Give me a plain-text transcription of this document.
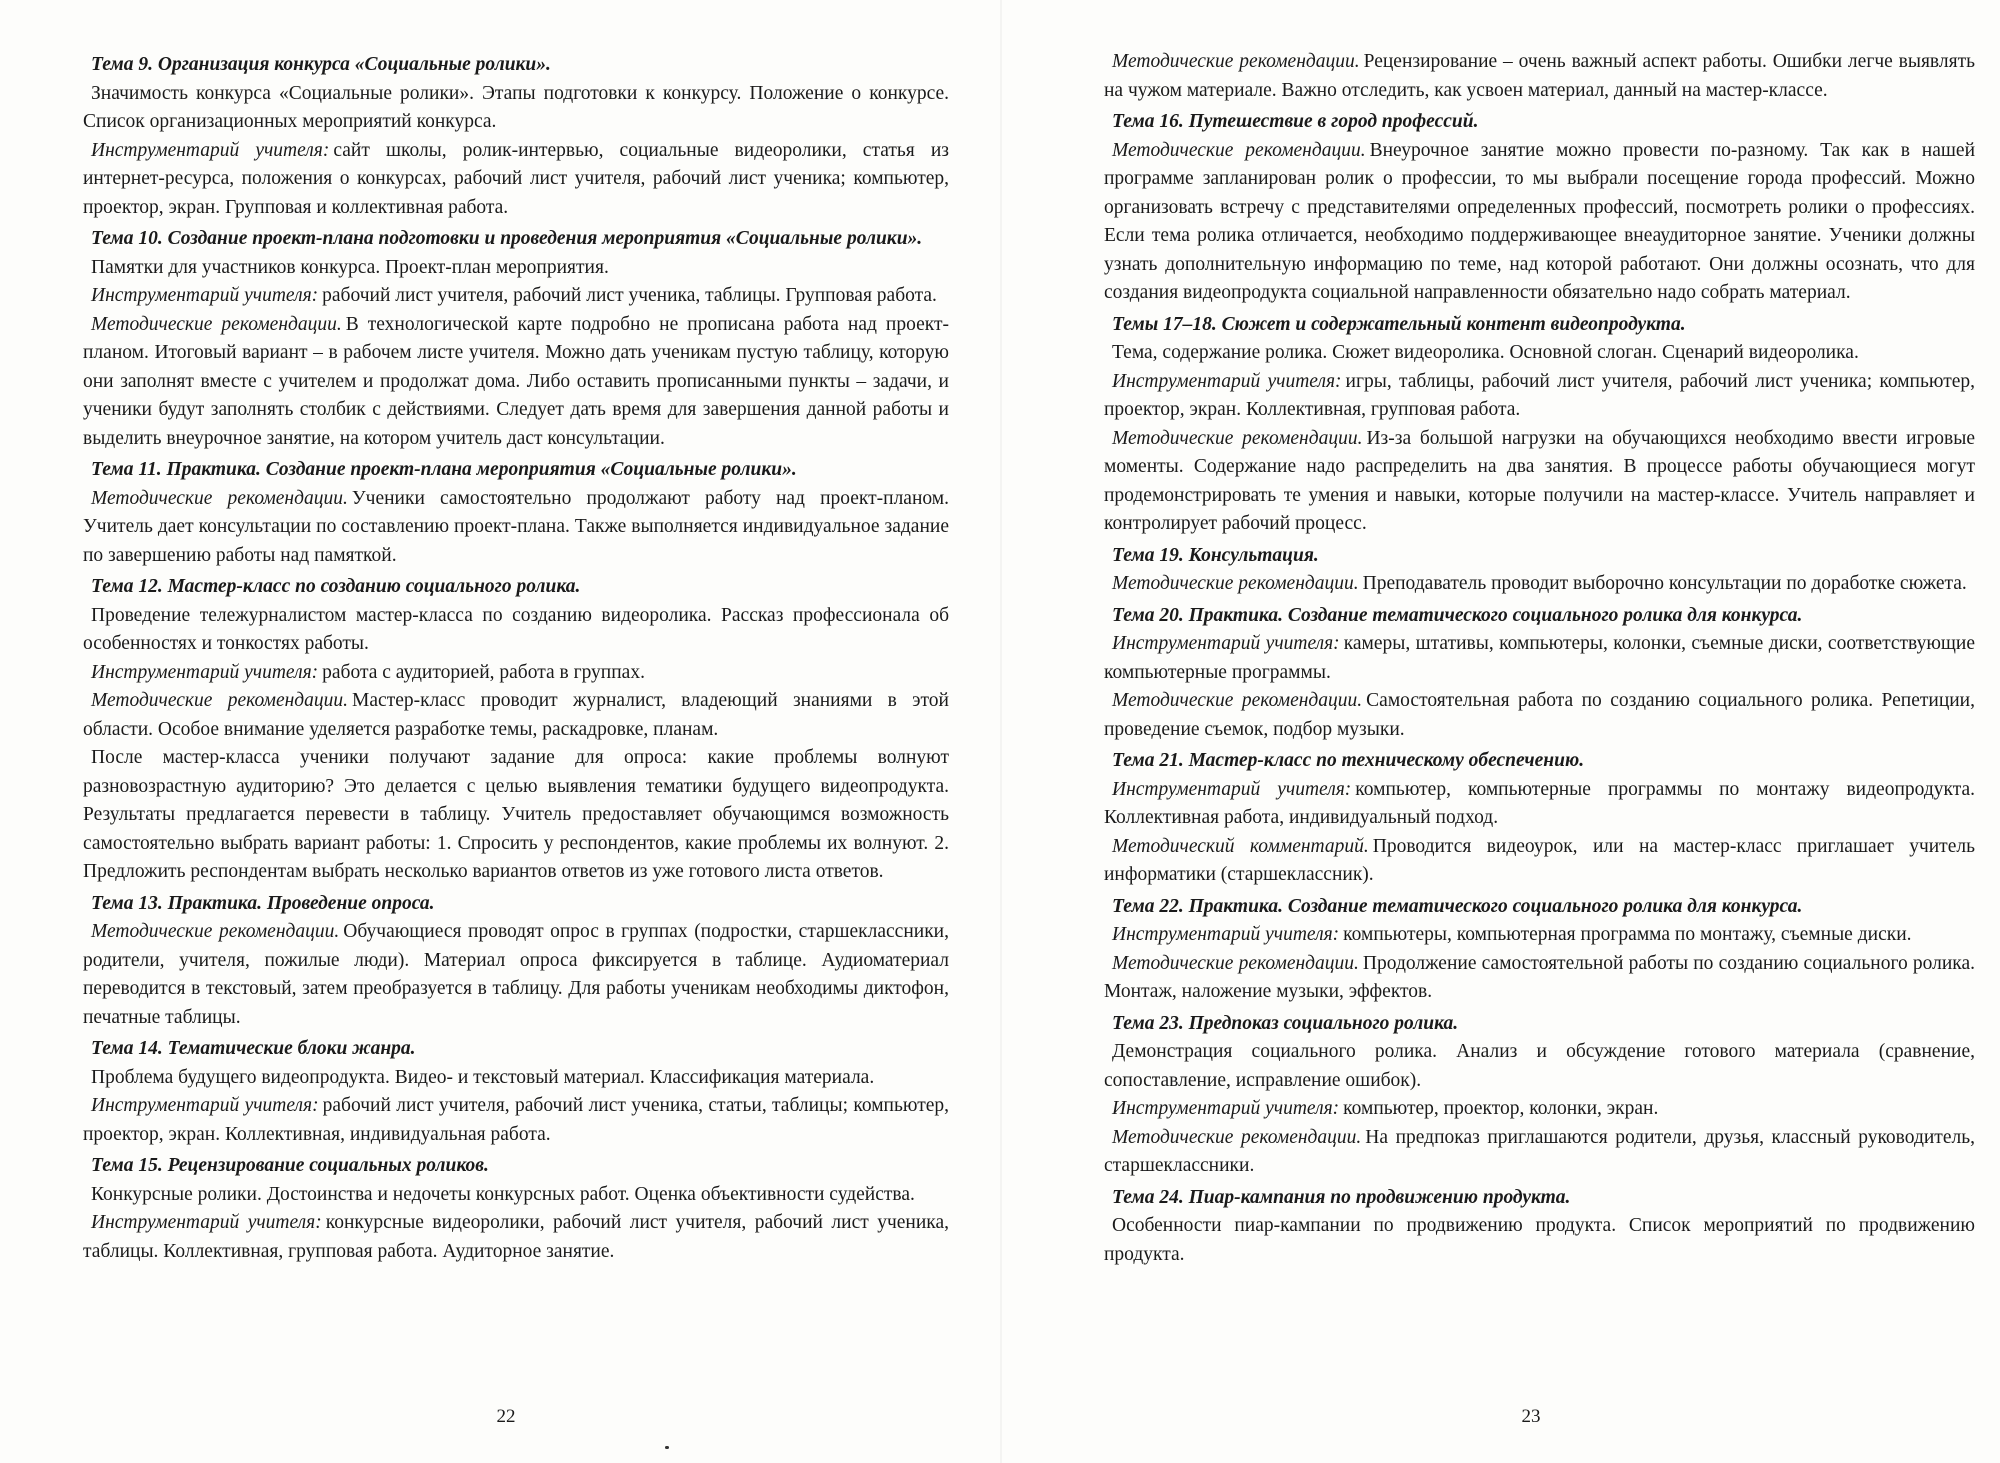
Тема 9. Организация конкурса «Социальные ролики».
Значимость конкурса «Социальные ролики». Этапы подготовки к конкурсу. Положение о конкурсе. Список организационных мероприятий конкурса.
Инструментарий учителя: сайт школы, ролик-интервью, социальные видеоролики, статья из интернет-ресурса, положения о конкурсах, рабочий лист учителя, рабочий лист ученика; компьютер, проектор, экран. Групповая и коллективная работа.
Тема 10. Создание проект-плана подготовки и проведения мероприятия «Социальные ролики».
Памятки для участников конкурса. Проект-план мероприятия.
Инструментарий учителя: рабочий лист учителя, рабочий лист ученика, таблицы. Групповая работа.
Методические рекомендации. В технологической карте подробно не прописана работа над проект-планом. Итоговый вариант – в рабочем листе учителя. Можно дать ученикам пустую таблицу, которую они заполнят вместе с учителем и продолжат дома. Либо оставить прописанными пункты – задачи, и ученики будут заполнять столбик с действиями. Следует дать время для завершения данной работы и выделить внеурочное занятие, на котором учитель даст консультации.
Тема 11. Практика. Создание проект-плана мероприятия «Социальные ролики».
Методические рекомендации. Ученики самостоятельно продолжают работу над проект-планом. Учитель дает консультации по составлению проект-плана. Также выполняется индивидуальное задание по завершению работы над памяткой.
Тема 12. Мастер-класс по созданию социального ролика.
Проведение тележурналистом мастер-класса по созданию видеоролика. Рассказ профессионала об особенностях и тонкостях работы.
Инструментарий учителя: работа с аудиторией, работа в группах.
Методические рекомендации. Мастер-класс проводит журналист, владеющий знаниями в этой области. Особое внимание уделяется разработке темы, раскадровке, планам.
После мастер-класса ученики получают задание для опроса: какие проблемы волнуют разновозрастную аудиторию? Это делается с целью выявления тематики будущего видеопродукта. Результаты предлагается перевести в таблицу. Учитель предоставляет обучающимся возможность самостоятельно выбрать вариант работы: 1. Спросить у респондентов, какие проблемы их волнуют. 2. Предложить респондентам выбрать несколько вариантов ответов из уже готового листа ответов.
Тема 13. Практика. Проведение опроса.
Методические рекомендации. Обучающиеся проводят опрос в группах (подростки, старшеклассники, родители, учителя, пожилые люди). Материал опроса фиксируется в таблице. Аудиоматериал переводится в текстовый, затем преобразуется в таблицу. Для работы ученикам необходимы диктофон, печатные таблицы.
Тема 14. Тематические блоки жанра.
Проблема будущего видеопродукта. Видео- и текстовый материал. Классификация материала.
Инструментарий учителя: рабочий лист учителя, рабочий лист ученика, статьи, таблицы; компьютер, проектор, экран. Коллективная, индивидуальная работа.
Тема 15. Рецензирование социальных роликов.
Конкурсные ролики. Достоинства и недочеты конкурсных работ. Оценка объективности судейства.
Инструментарий учителя: конкурсные видеоролики, рабочий лист учителя, рабочий лист ученика, таблицы. Коллективная, групповая работа. Аудиторное занятие.
22
Методические рекомендации. Рецензирование – очень важный аспект работы. Ошибки легче выявлять на чужом материале. Важно отследить, как усвоен материал, данный на мастер-классе.
Тема 16. Путешествие в город профессий.
Методические рекомендации. Внеурочное занятие можно провести по-разному. Так как в нашей программе запланирован ролик о профессии, то мы выбрали посещение города профессий. Можно организовать встречу с представителями определенных профессий, посмотреть ролики о профессиях. Если тема ролика отличается, необходимо поддерживающее внеаудиторное занятие. Ученики должны узнать дополнительную информацию по теме, над которой работают. Они должны осознать, что для создания видеопродукта социальной направленности обязательно надо собрать материал.
Темы 17–18. Сюжет и содержательный контент видеопродукта.
Тема, содержание ролика. Сюжет видеоролика. Основной слоган. Сценарий видеоролика.
Инструментарий учителя: игры, таблицы, рабочий лист учителя, рабочий лист ученика; компьютер, проектор, экран. Коллективная, групповая работа.
Методические рекомендации. Из-за большой нагрузки на обучающихся необходимо ввести игровые моменты. Содержание надо распределить на два занятия. В процессе работы обучающиеся могут продемонстрировать те умения и навыки, которые получили на мастер-классе. Учитель направляет и контролирует рабочий процесс.
Тема 19. Консультация.
Методические рекомендации. Преподаватель проводит выборочно консультации по доработке сюжета.
Тема 20. Практика. Создание тематического социального ролика для конкурса.
Инструментарий учителя: камеры, штативы, компьютеры, колонки, съемные диски, соответствующие компьютерные программы.
Методические рекомендации. Самостоятельная работа по созданию социального ролика. Репетиции, проведение съемок, подбор музыки.
Тема 21. Мастер-класс по техническому обеспечению.
Инструментарий учителя: компьютер, компьютерные программы по монтажу видеопродукта. Коллективная работа, индивидуальный подход.
Методический комментарий. Проводится видеоурок, или на мастер-класс приглашает учитель информатики (старшеклассник).
Тема 22. Практика. Создание тематического социального ролика для конкурса.
Инструментарий учителя: компьютеры, компьютерная программа по монтажу, съемные диски.
Методические рекомендации. Продолжение самостоятельной работы по созданию социального ролика. Монтаж, наложение музыки, эффектов.
Тема 23. Предпоказ социального ролика.
Демонстрация социального ролика. Анализ и обсуждение готового материала (сравнение, сопоставление, исправление ошибок).
Инструментарий учителя: компьютер, проектор, колонки, экран.
Методические рекомендации. На предпоказ приглашаются родители, друзья, классный руководитель, старшеклассники.
Тема 24. Пиар-кампания по продвижению продукта.
Особенности пиар-кампании по продвижению продукта. Список мероприятий по продвижению продукта.
23
